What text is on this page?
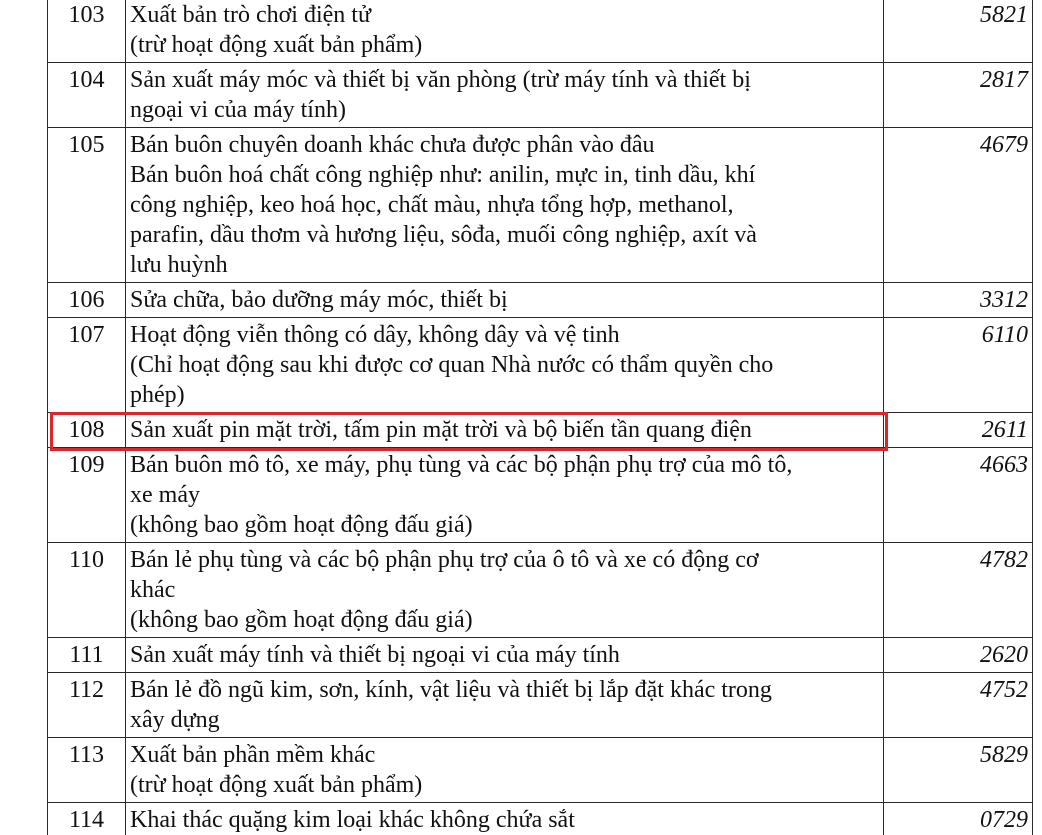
103	Xuất bản trò chơi điện tử
(trừ hoạt động xuất bản phẩm)	5821
104	Sản xuất máy móc và thiết bị văn phòng (trừ máy tính và thiết bị
ngoại vi của máy tính)	2817
105	Bán buôn chuyên doanh khác chưa được phân vào đâu
Bán buôn hoá chất công nghiệp như: anilin, mực in, tinh dầu, khí
công nghiệp, keo hoá học, chất màu, nhựa tổng hợp, methanol,
parafin, dầu thơm và hương liệu, sôđa, muối công nghiệp, axít và
lưu huỳnh	4679
106	Sửa chữa, bảo dưỡng máy móc, thiết bị	3312
107	Hoạt động viễn thông có dây, không dây và vệ tinh
(Chỉ hoạt động sau khi được cơ quan Nhà nước có thẩm quyền cho
phép)	6110
108	Sản xuất pin mặt trời, tấm pin mặt trời và bộ biến tần quang điện	2611
109	Bán buôn mô tô, xe máy, phụ tùng và các bộ phận phụ trợ của mô tô,
xe máy
(không bao gồm hoạt động đấu giá)	4663
110	Bán lẻ phụ tùng và các bộ phận phụ trợ của ô tô và xe có động cơ
khác
(không bao gồm hoạt động đấu giá)	4782
111	Sản xuất máy tính và thiết bị ngoại vi của máy tính	2620
112	Bán lẻ đồ ngũ kim, sơn, kính, vật liệu và thiết bị lắp đặt khác trong
xây dựng	4752
113	Xuất bản phần mềm khác
(trừ hoạt động xuất bản phẩm)	5829
114	Khai thác quặng kim loại khác không chứa sắt	0729
